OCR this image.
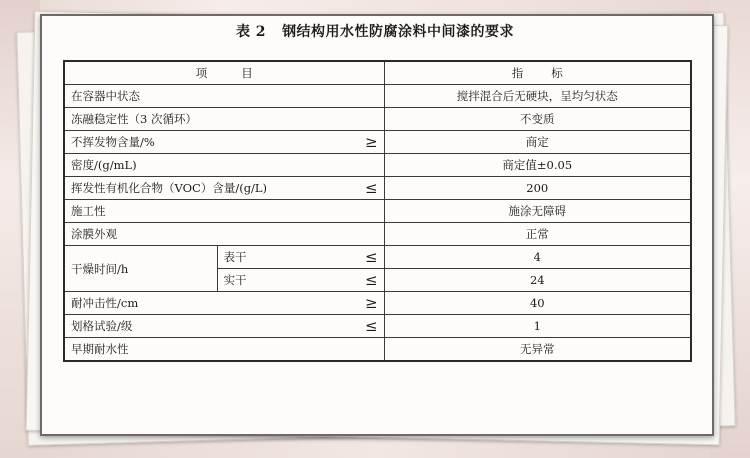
表 2 钢结构用水性防腐涂料中间漆的要求
项目			指标
在容器中状态			搅拌混合后无硬块，呈均匀状态
冻融稳定性（3 次循环）			不变质
不挥发物含量/%		≥	商定
密度/(g/mL)			商定值±0.05
挥发性有机化合物（VOC）含量/(g/L)		≤	200
施工性			施涂无障碍
涂膜外观			正常
干燥时间/h	表干	≤	4
	实干	≤	24
耐冲击性/cm		≥	40
划格试验/级		≤	1
早期耐水性			无异常
